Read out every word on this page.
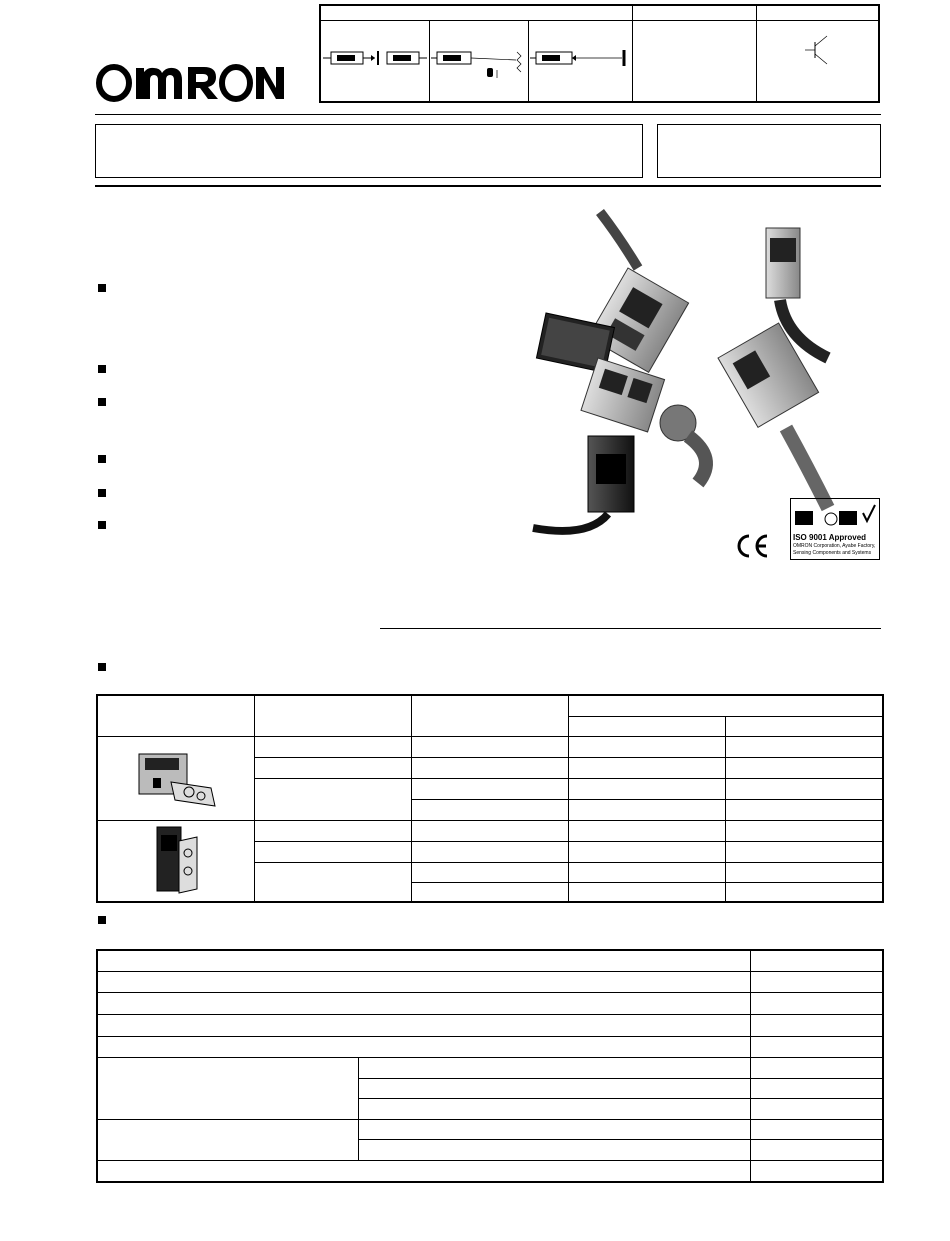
ISO 9001 Approved
OMRON Corporation, Ayabe Factory,
Sensing Components and Systems
